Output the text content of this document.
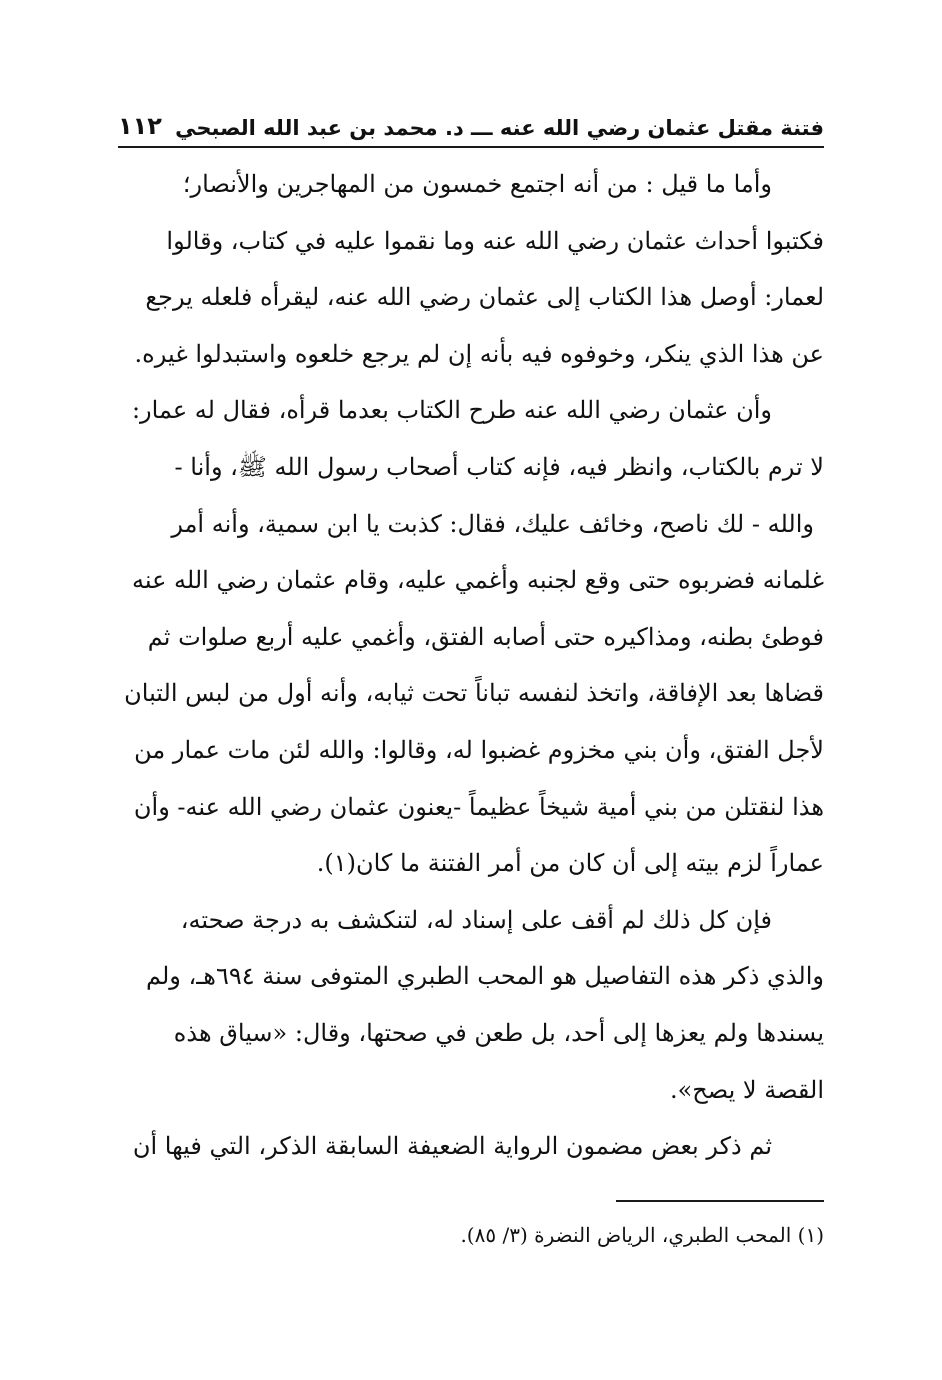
فتنة مقتل عثمان رضي الله عنه ـــ د. محمد بن عبد الله الصبحي
١١٢
وأما ما قيل : من أنه اجتمع خمسون من المهاجرين والأنصار؛
فكتبوا أحداث عثمان رضي الله عنه وما نقموا عليه في كتاب، وقالوا
لعمار: أوصل هذا الكتاب إلى عثمان رضي الله عنه، ليقرأه فلعله يرجع
عن هذا الذي ينكر، وخوفوه فيه بأنه إن لم يرجع خلعوه واستبدلوا غيره.
وأن عثمان رضي الله عنه طرح الكتاب بعدما قرأه، فقال له عمار:
لا ترم بالكتاب، وانظر فيه، فإنه كتاب أصحاب رسول الله ﷺ، وأنا -
والله - لك ناصح، وخائف عليك، فقال: كذبت يا ابن سمية، وأنه أمر
غلمانه فضربوه حتى وقع لجنبه وأغمي عليه، وقام عثمان رضي الله عنه
فوطئ بطنه، ومذاكيره حتى أصابه الفتق، وأغمي عليه أربع صلوات ثم
قضاها بعد الإفاقة، واتخذ لنفسه تباناً تحت ثيابه، وأنه أول من لبس التبان
لأجل الفتق، وأن بني مخزوم غضبوا له، وقالوا: والله لئن مات عمار من
هذا لنقتلن من بني أمية شيخاً عظيماً -يعنون عثمان رضي الله عنه- وأن
عماراً لزم بيته إلى أن كان من أمر الفتنة ما كان(١).
فإن كل ذلك لم أقف على إسناد له، لتنكشف به درجة صحته،
والذي ذكر هذه التفاصيل هو المحب الطبري المتوفى سنة ٦٩٤هـ، ولم
يسندها ولم يعزها إلى أحد، بل طعن في صحتها، وقال: «سياق هذه
القصة لا يصح».
ثم ذكر بعض مضمون الرواية الضعيفة السابقة الذكر، التي فيها أن
(١) المحب الطبري، الرياض النضرة (٣/ ٨٥).
